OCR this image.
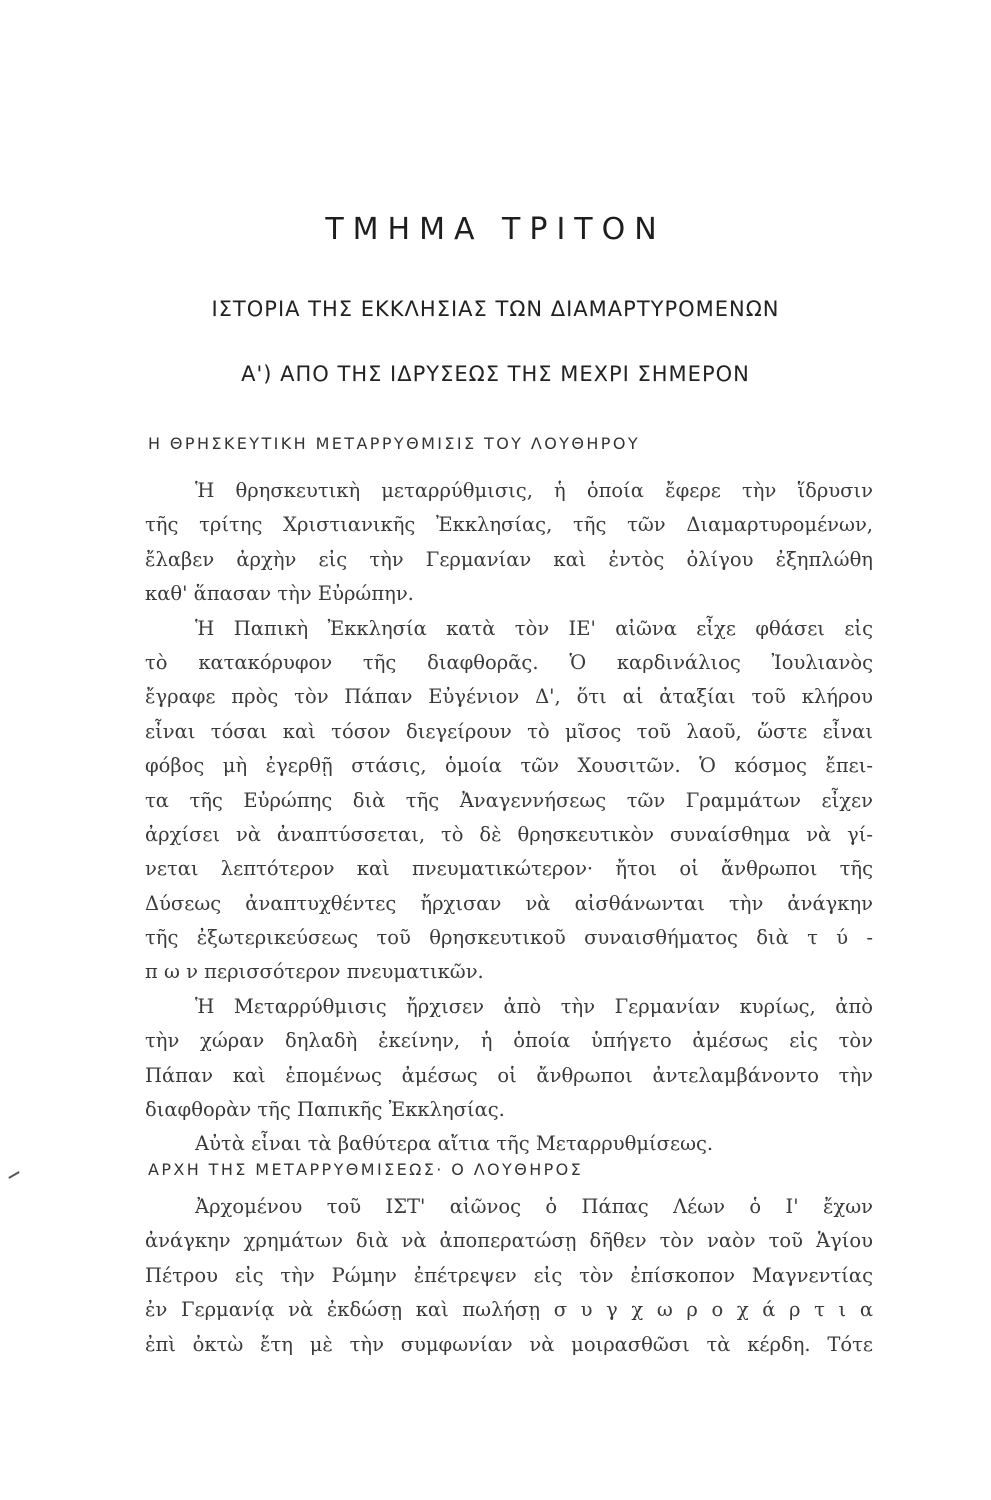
ΤΜΗΜΑ ΤΡΙΤΟΝ
ΙΣΤΟΡΙΑ ΤΗΣ ΕΚΚΛΗΣΙΑΣ ΤΩΝ ΔΙΑΜΑΡΤΥΡΟΜΕΝΩΝ
Α') ΑΠΟ ΤΗΣ ΙΔΡΥΣΕΩΣ ΤΗΣ ΜΕΧΡΙ ΣΗΜΕΡΟΝ
Η ΘΡΗΣΚΕΥΤΙΚΗ ΜΕΤΑΡΡΥΘΜΙΣΙΣ ΤΟΥ ΛΟΥΘΗΡΟΥ
Ἡ θρησκευτικὴ μεταρρύθμισις, ἡ ὁποία ἔφερε τὴν ἵδρυσιν
τῆς τρίτης Χριστιανικῆς Ἐκκλησίας, τῆς τῶν Διαμαρτυρομένων,
ἔλαβεν ἀρχὴν εἰς τὴν Γερμανίαν καὶ ἐντὸς ὀλίγου ἐξηπλώθη
καθ' ἅπασαν τὴν Εὐρώπην.
Ἡ Παπικὴ Ἐκκλησία κατὰ τὸν ΙΕ' αἰῶνα εἶχε φθάσει εἰς
τὸ κατακόρυφον τῆς διαφθορᾶς. Ὁ καρδινάλιος Ἰουλιανὸς
ἔγραφε πρὸς τὸν Πάπαν Εὐγένιον Δ', ὅτι αἱ ἀταξίαι τοῦ κλήρου
εἶναι τόσαι καὶ τόσον διεγείρουν τὸ μῖσος τοῦ λαοῦ, ὥστε εἶναι
φόβος μὴ ἐγερθῇ στάσις, ὁμοία τῶν Χουσιτῶν. Ὁ κόσμος ἔπει-
τα τῆς Εὐρώπης διὰ τῆς Ἀναγεννήσεως τῶν Γραμμάτων εἶχεν
ἀρχίσει νὰ ἀναπτύσσεται, τὸ δὲ θρησκευτικὸν συναίσθημα νὰ γί-
νεται λεπτότερον καὶ πνευματικώτερον· ἤτοι οἱ ἄνθρωποι τῆς
Δύσεως ἀναπτυχθέντες ἤρχισαν νὰ αἰσθάνωνται τὴν ἀνάγκην
τῆς ἐξωτερικεύσεως τοῦ θρησκευτικοῦ συναισθήματος διὰ τ ύ -
π ω ν περισσότερον πνευματικῶν.
Ἡ Μεταρρύθμισις ἤρχισεν ἀπὸ τὴν Γερμανίαν κυρίως, ἀπὸ
τὴν χώραν δηλαδὴ ἐκείνην, ἡ ὁποία ὑπήγετο ἀμέσως εἰς τὸν
Πάπαν καὶ ἑπομένως ἀμέσως οἱ ἄνθρωποι ἀντελαμβάνοντο τὴν
διαφθορὰν τῆς Παπικῆς Ἐκκλησίας.
Αὐτὰ εἶναι τὰ βαθύτερα αἴτια τῆς Μεταρρυθμίσεως.
ΑΡΧΗ ΤΗΣ ΜΕΤΑΡΡΥΘΜΙΣΕΩΣ· Ο ΛΟΥΘΗΡΟΣ
Ἀρχομένου τοῦ ΙΣΤ' αἰῶνος ὁ Πάπας Λέων ὁ Ι' ἔχων
ἀνάγκην χρημάτων διὰ νὰ ἀποπερατώσῃ δῆθεν τὸν ναὸν τοῦ Ἁγίου
Πέτρου εἰς τὴν Ρώμην ἐπέτρεψεν εἰς τὸν ἐπίσκοπον Μαγνεντίας
ἐν Γερμανίᾳ νὰ ἐκδώσῃ καὶ πωλήσῃ σ υ γ χ ω ρ ο χ ά ρ τ ι α
ἐπὶ ὀκτὼ ἔτη μὲ τὴν συμφωνίαν νὰ μοιρασθῶσι τὰ κέρδη. Τότε
